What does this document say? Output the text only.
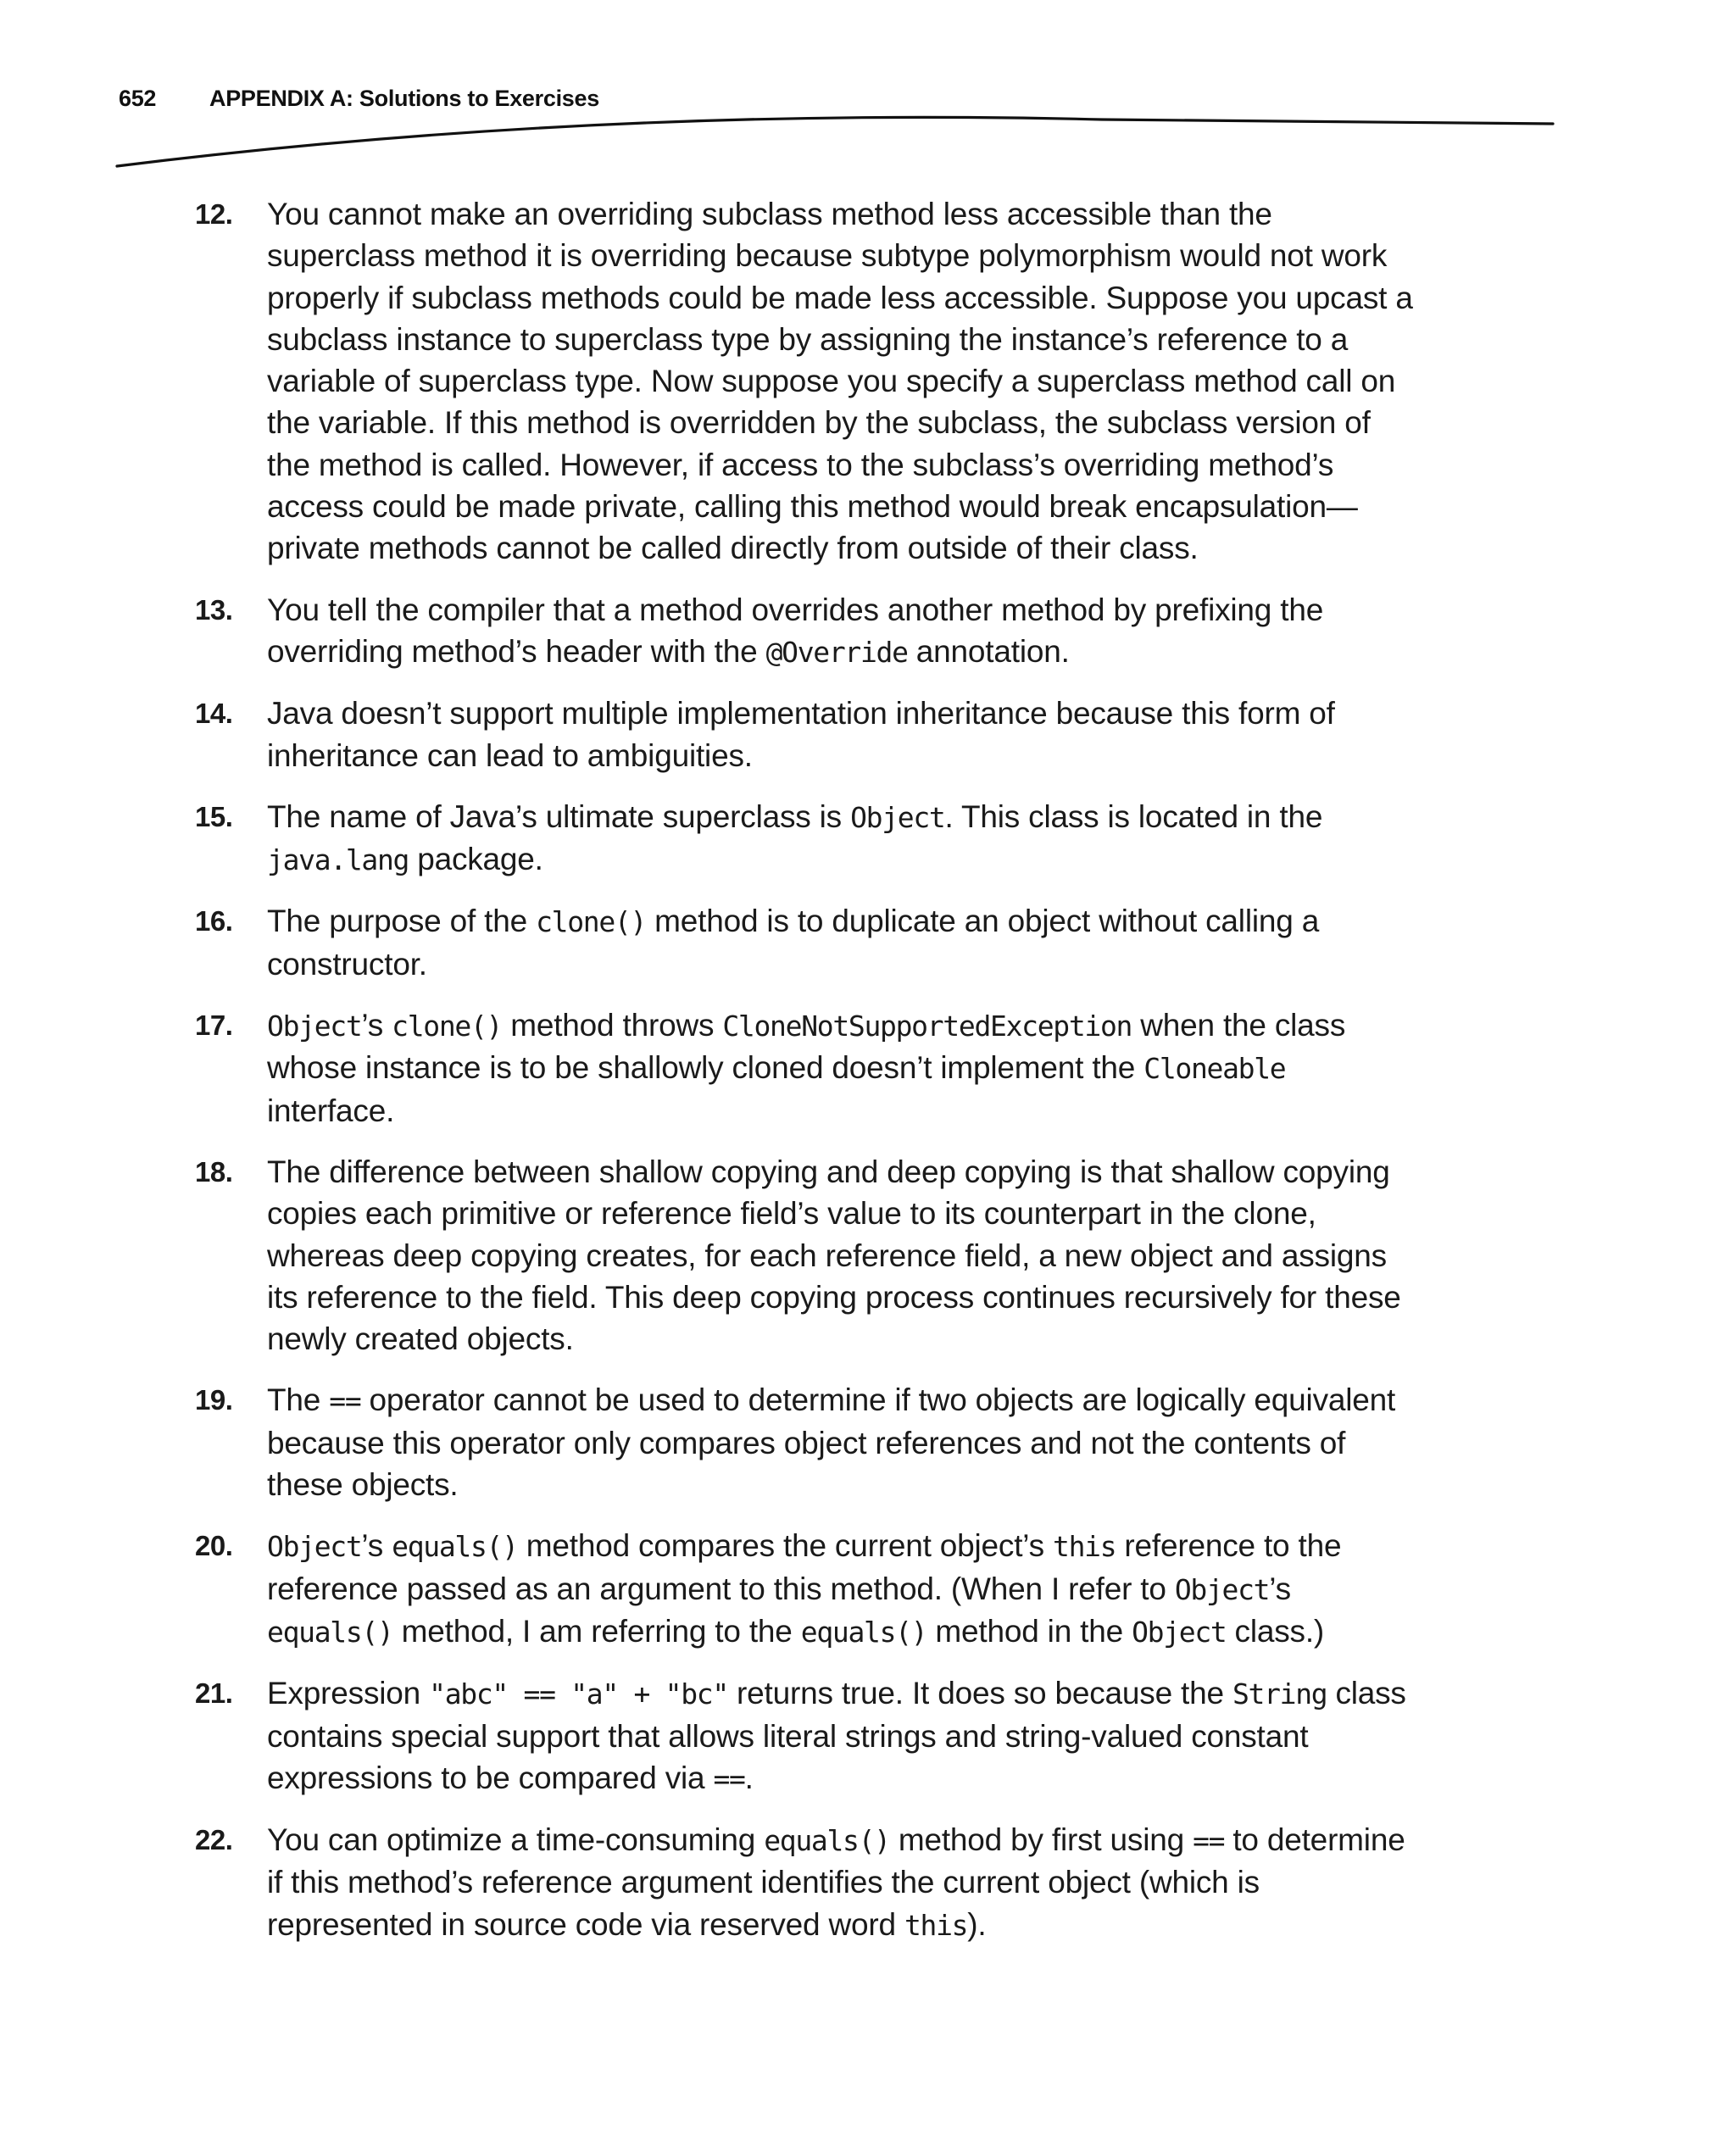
652	APPENDIX A: Solutions to Exercises
12.	You cannot make an overriding subclass method less accessible than the superclass method it is overriding because subtype polymorphism would not work properly if subclass methods could be made less accessible. Suppose you upcast a subclass instance to superclass type by assigning the instance’s reference to a variable of superclass type. Now suppose you specify a superclass method call on the variable. If this method is overridden by the subclass, the subclass version of the method is called. However, if access to the subclass’s overriding method’s access could be made private, calling this method would break encapsulation—private methods cannot be called directly from outside of their class.
13.	You tell the compiler that a method overrides another method by prefixing the overriding method’s header with the @Override annotation.
14.	Java doesn’t support multiple implementation inheritance because this form of inheritance can lead to ambiguities.
15.	The name of Java’s ultimate superclass is Object. This class is located in the java.lang package.
16.	The purpose of the clone() method is to duplicate an object without calling a constructor.
17.	Object’s clone() method throws CloneNotSupportedException when the class whose instance is to be shallowly cloned doesn’t implement the Cloneable interface.
18.	The difference between shallow copying and deep copying is that shallow copying copies each primitive or reference field’s value to its counterpart in the clone, whereas deep copying creates, for each reference field, a new object and assigns its reference to the field. This deep copying process continues recursively for these newly created objects.
19.	The == operator cannot be used to determine if two objects are logically equivalent because this operator only compares object references and not the contents of these objects.
20.	Object’s equals() method compares the current object’s this reference to the reference passed as an argument to this method. (When I refer to Object’s equals() method, I am referring to the equals() method in the Object class.)
21.	Expression "abc" == "a" + "bc" returns true. It does so because the String class contains special support that allows literal strings and string-valued constant expressions to be compared via ==.
22.	You can optimize a time-consuming equals() method by first using == to determine if this method’s reference argument identifies the current object (which is represented in source code via reserved word this).
